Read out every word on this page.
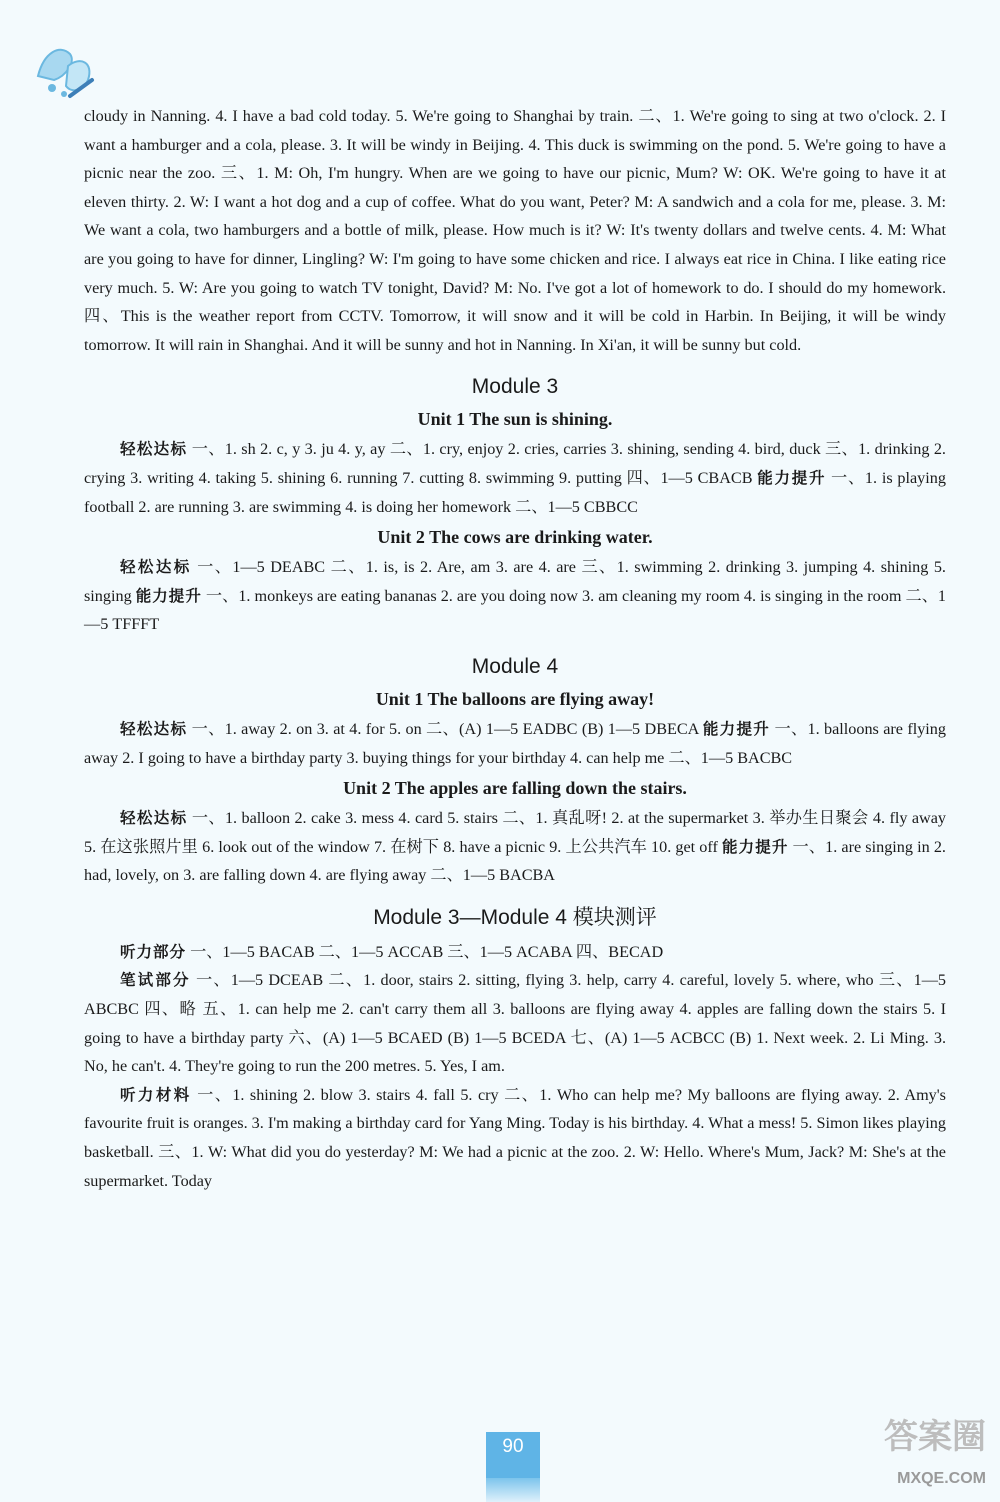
cloudy in Nanning. 4. I have a bad cold today. 5. We're going to Shanghai by train. 二、1. We're going to sing at two o'clock. 2. I want a hamburger and a cola, please. 3. It will be windy in Beijing. 4. This duck is swimming on the pond. 5. We're going to have a picnic near the zoo. 三、1. M: Oh, I'm hungry. When are we going to have our picnic, Mum? W: OK. We're going to have it at eleven thirty. 2. W: I want a hot dog and a cup of coffee. What do you want, Peter? M: A sandwich and a cola for me, please. 3. M: We want a cola, two hamburgers and a bottle of milk, please. How much is it? W: It's twenty dollars and twelve cents. 4. M: What are you going to have for dinner, Lingling? W: I'm going to have some chicken and rice. I always eat rice in China. I like eating rice very much. 5. W: Are you going to watch TV tonight, David? M: No. I've got a lot of homework to do. I should do my homework. 四、This is the weather report from CCTV. Tomorrow, it will snow and it will be cold in Harbin. In Beijing, it will be windy tomorrow. It will rain in Shanghai. And it will be sunny and hot in Nanning. In Xi'an, it will be sunny but cold.

Module 3
Unit 1 The sun is shining.

轻松达标 一、1. sh 2. c, y 3. ju 4. y, ay 二、1. cry, enjoy 2. cries, carries 3. shining, sending 4. bird, duck 三、1. drinking 2. crying 3. writing 4. taking 5. shining 6. running 7. cutting 8. swimming 9. putting 四、1—5 CBACB 能力提升 一、1. is playing football 2. are running 3. are swimming 4. is doing her homework 二、1—5 CBBCC

Unit 2 The cows are drinking water.

轻松达标 一、1—5 DEABC 二、1. is, is 2. Are, am 3. are 4. are 三、1. swimming 2. drinking 3. jumping 4. shining 5. singing 能力提升 一、1. monkeys are eating bananas 2. are you doing now 3. am cleaning my room 4. is singing in the room 二、1—5 TFFFT

Module 4
Unit 1 The balloons are flying away!

轻松达标 一、1. away 2. on 3. at 4. for 5. on 二、(A) 1—5 EADBC (B) 1—5 DBECA 能力提升 一、1. balloons are flying away 2. I going to have a birthday party 3. buying things for your birthday 4. can help me 二、1—5 BACBC

Unit 2 The apples are falling down the stairs.

轻松达标 一、1. balloon 2. cake 3. mess 4. card 5. stairs 二、1. 真乱呀! 2. at the supermarket 3. 举办生日聚会 4. fly away 5. 在这张照片里 6. look out of the window 7. 在树下 8. have a picnic 9. 上公共汽车 10. get off 能力提升 一、1. are singing in 2. had, lovely, on 3. are falling down 4. are flying away 二、1—5 BACBA

Module 3—Module 4 模块测评

听力部分 一、1—5 BACAB 二、1—5 ACCAB 三、1—5 ACABA 四、BECAD

笔试部分 一、1—5 DCEAB 二、1. door, stairs 2. sitting, flying 3. help, carry 4. careful, lovely 5. where, who 三、1—5 ABCBC 四、略 五、1. can help me 2. can't carry them all 3. balloons are flying away 4. apples are falling down the stairs 5. I going to have a birthday party 六、(A) 1—5 BCAED (B) 1—5 BCEDA 七、(A) 1—5 ACBCC (B) 1. Next week. 2. Li Ming. 3. No, he can't. 4. They're going to run the 200 metres. 5. Yes, I am.

听力材料 一、1. shining 2. blow 3. stairs 4. fall 5. cry 二、1. Who can help me? My balloons are flying away. 2. Amy's favourite fruit is oranges. 3. I'm making a birthday card for Yang Ming. Today is his birthday. 4. What a mess! 5. Simon likes playing basketball. 三、1. W: What did you do yesterday? M: We had a picnic at the zoo. 2. W: Hello. Where's Mum, Jack? M: She's at the supermarket. Today

90	答案圈
MXQE.COM
